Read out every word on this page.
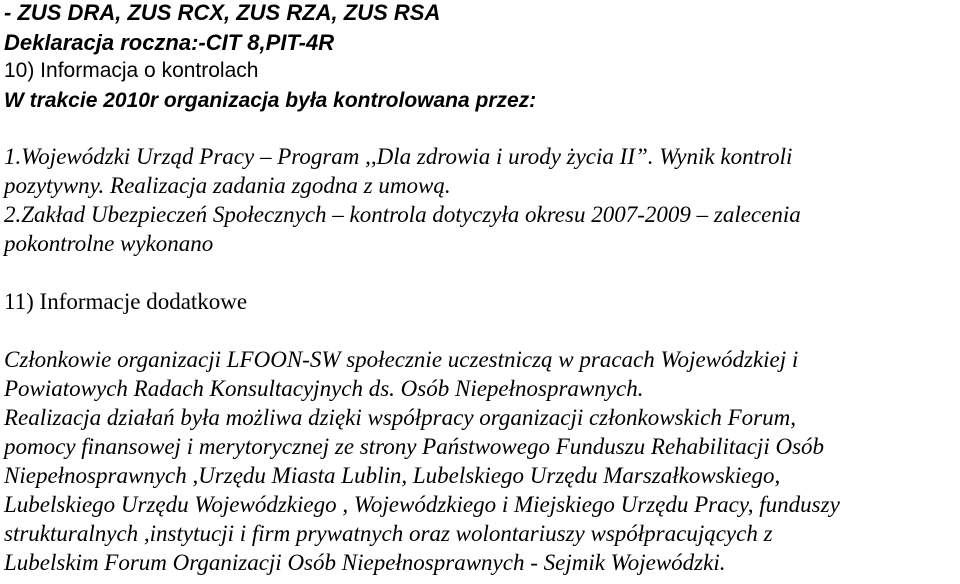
- ZUS DRA, ZUS RCX, ZUS RZA, ZUS RSA

Deklaracja roczna:-CIT 8,PIT-4R

10) Informacja o kontrolach

W trakcie 2010r organizacja była kontrolowana przez:

1.Wojewódzki Urząd Pracy – Program ,,Dla zdrowia i urody życia II”. Wynik kontroli

pozytywny. Realizacja zadania zgodna z umową.

2.Zakład Ubezpieczeń Społecznych – kontrola dotyczyła okresu 2007-2009 – zalecenia

pokontrolne wykonano

11) Informacje dodatkowe

Członkowie organizacji LFOON-SW społecznie uczestniczą w pracach Wojewódzkiej i

Powiatowych Radach Konsultacyjnych ds. Osób Niepełnosprawnych.

Realizacja działań była możliwa dzięki współpracy organizacji członkowskich Forum,

pomocy finansowej i merytorycznej ze strony Państwowego Funduszu Rehabilitacji Osób

Niepełnosprawnych ,Urzędu Miasta Lublin, Lubelskiego Urzędu Marszałkowskiego,

Lubelskiego Urzędu Wojewódzkiego , Wojewódzkiego i Miejskiego Urzędu Pracy, funduszy

strukturalnych ,instytucji i firm prywatnych oraz wolontariuszy współpracujących z

Lubelskim Forum Organizacji Osób Niepełnosprawnych - Sejmik Wojewódzki.
